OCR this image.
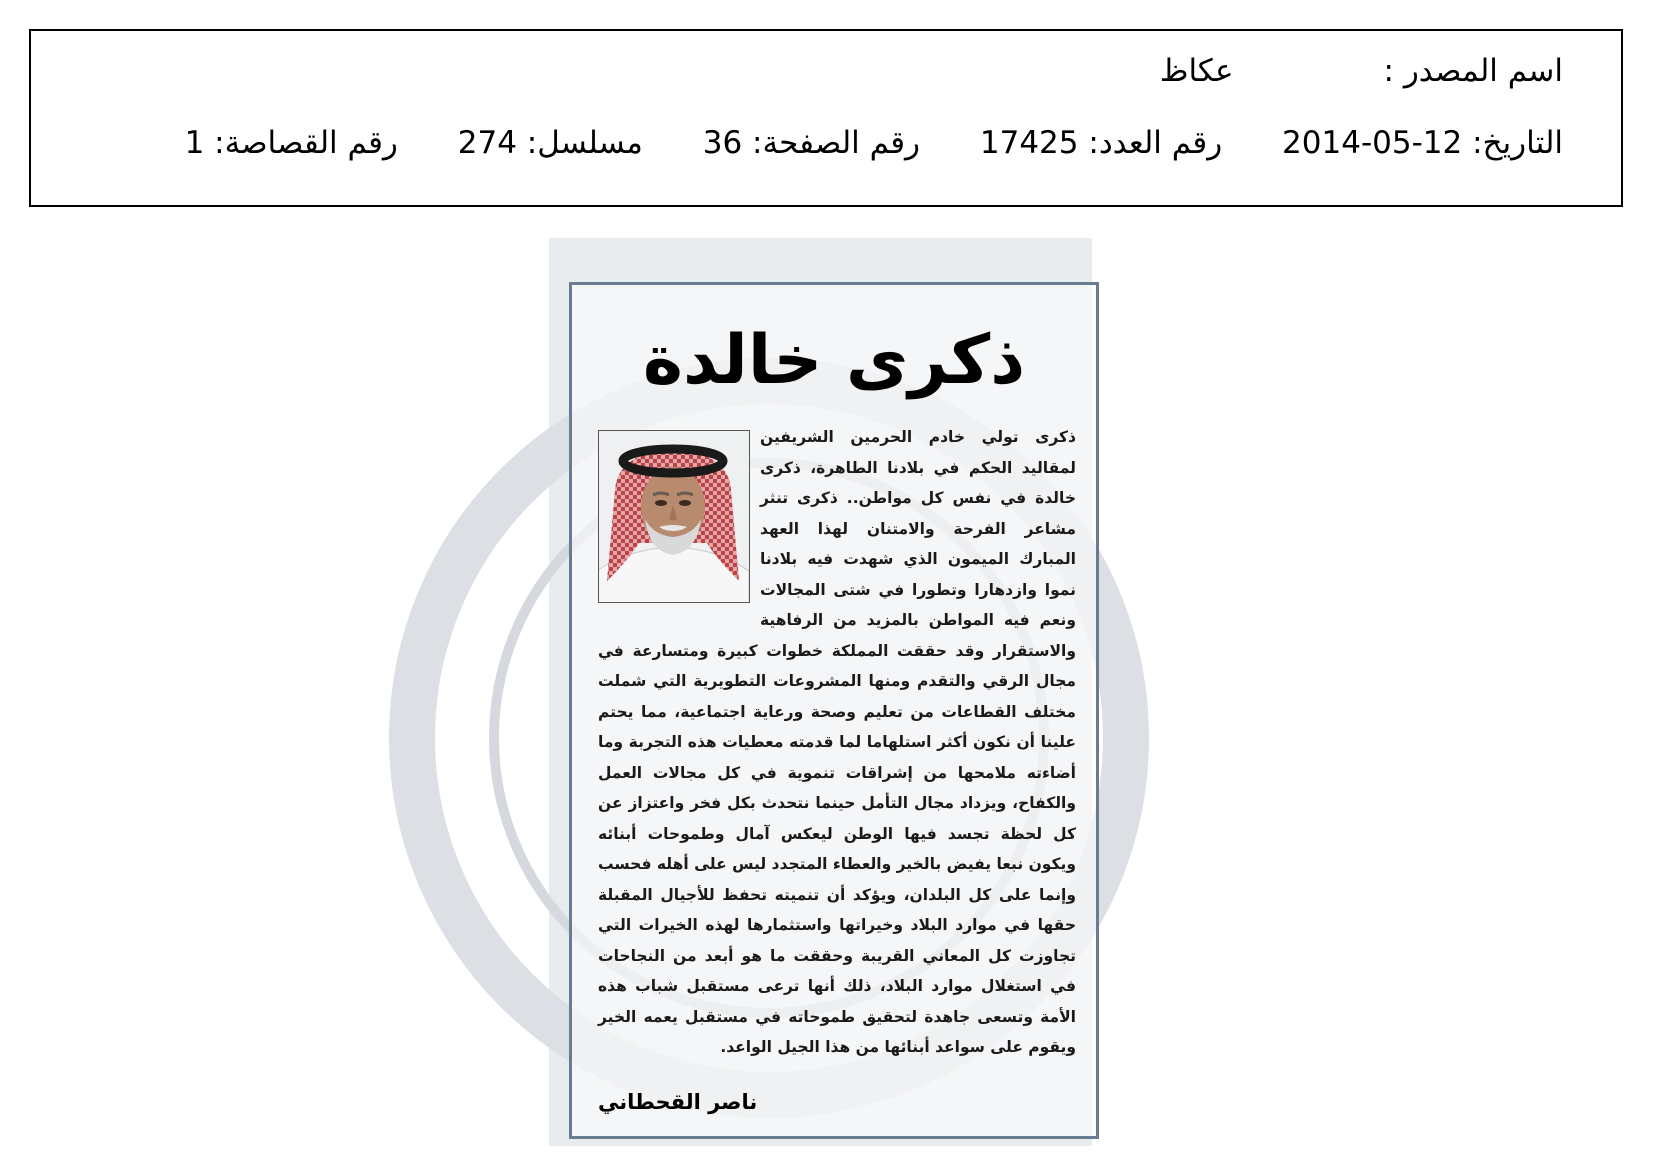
اسم المصدر :عكاظ
التاريخ: 12-05-2014 رقم العدد: 17425 رقم الصفحة: 36 مسلسل: 274 رقم القصاصة: 1
ذكرى خالدة
ذكرى تولي خادم الحرمين الشريفين لمقاليد الحكم في بلادنا الطاهرة، ذكرى خالدة في نفس كل مواطن.. ذكرى تنثر مشاعر الفرحة والامتنان لهذا العهد المبارك الميمون الذي شهدت فيه بلادنا نموا وازدهارا وتطورا في شتى المجالات ونعم فيه المواطن بالمزيد من الرفاهية والاستقرار وقد حققت المملكة خطوات كبيرة ومتسارعة في مجال الرقي والتقدم ومنها المشروعات التطويرية التي شملت مختلف القطاعات من تعليم وصحة ورعاية اجتماعية، مما يحتم علينا أن نكون أكثر استلهاما لما قدمته معطيات هذه التجربة وما أضاءته ملامحها من إشراقات تنموية في كل مجالات العمل والكفاح، ويزداد مجال التأمل حينما نتحدث بكل فخر واعتزاز عن كل لحظة تجسد فيها الوطن ليعكس آمال وطموحات أبنائه ويكون نبعا يفيض بالخير والعطاء المتجدد ليس على أهله فحسب وإنما على كل البلدان، ويؤكد أن تنميته تحفظ للأجيال المقبلة حقها في موارد البلاد وخيراتها واستثمارها لهذه الخيرات التي تجاوزت كل المعاني القريبة وحققت ما هو أبعد من النجاحات في استغلال موارد البلاد، ذلك أنها ترعى مستقبل شباب هذه الأمة وتسعى جاهدة لتحقيق طموحاته في مستقبل يعمه الخير ويقوم على سواعد أبنائها من هذا الجيل الواعد.
ناصر القحطاني
